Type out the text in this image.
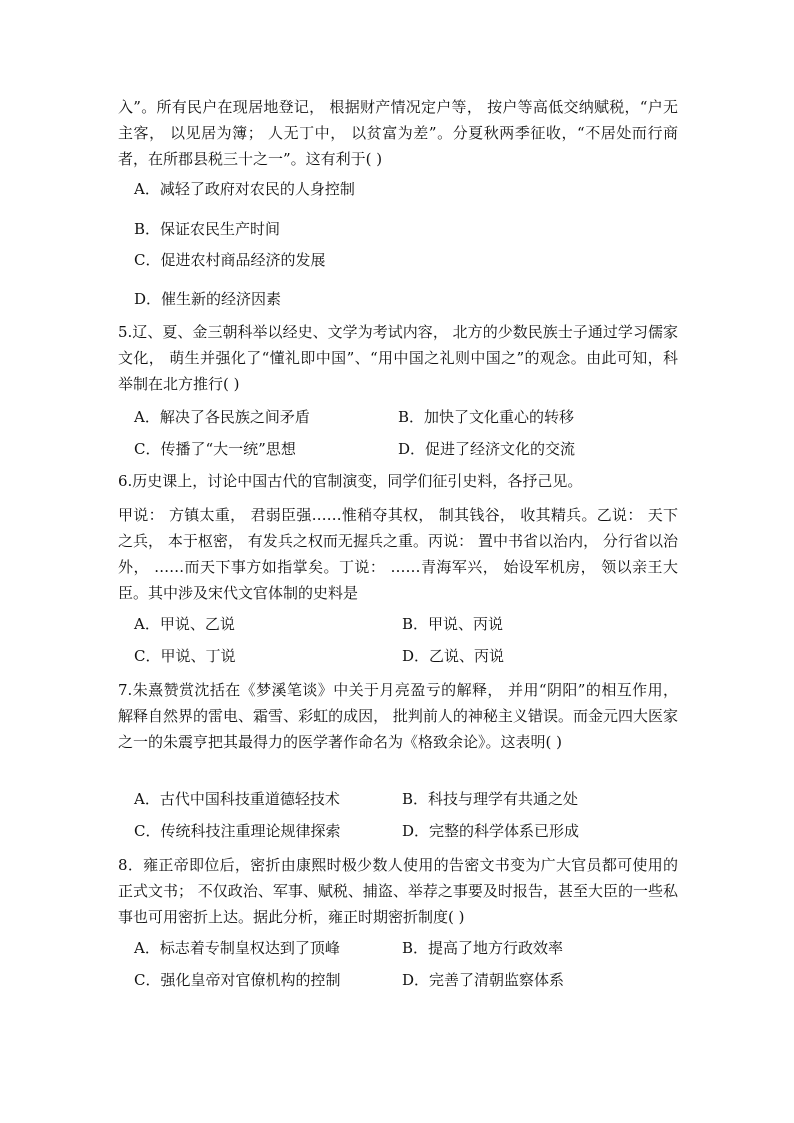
入”。所有民户在现居地登记， 根据财产情况定户等， 按户等高低交纳赋税，“户无主客， 以见居为簿； 人无丁中， 以贫富为差”。分夏秋两季征收，“不居处而行商者，在所郡县税三十之一”。这有利于( )

A．减轻了政府对农民的人身控制
B．保证农民生产时间
C．促进农村商品经济的发展
D．催生新的经济因素

5.辽、夏、金三朝科举以经史、文学为考试内容， 北方的少数民族士子通过学习儒家文化， 萌生并强化了“懂礼即中国”、“用中国之礼则中国之”的观念。由此可知，科举制在北方推行( )

A．解决了各民族之间矛盾	B．加快了文化重心的转移
C．传播了“大一统”思想	D．促进了经济文化的交流
6.历史课上，讨论中国古代的官制演变，同学们征引史料，各抒己见。

甲说： 方镇太重， 君弱臣强……惟稍夺其权， 制其钱谷， 收其精兵。乙说： 天下之兵， 本于枢密， 有发兵之权而无握兵之重。丙说： 置中书省以治内， 分行省以治外， ……而天下事方如指掌矣。丁说： ……青海军兴， 始设军机房， 领以亲王大臣。其中涉及宋代文官体制的史料是

A．甲说、乙说	B．甲说、丙说
C．甲说、丁说	D．乙说、丙说

7.朱熹赞赏沈括在《梦溪笔谈》中关于月亮盈亏的解释， 并用“阴阳”的相互作用， 解释自然界的雷电、霜雪、彩虹的成因， 批判前人的神秘主义错误。而金元四大医家之一的朱震亨把其最得力的医学著作命名为《格致余论》。这表明( )

A．古代中国科技重道德轻技术	B．科技与理学有共通之处
C．传统科技注重理论规律探索	D．完整的科学体系已形成

8．雍正帝即位后，密折由康熙时极少数人使用的告密文书变为广大官员都可使用的正式文书； 不仅政治、军事、赋税、捕盗、举荐之事要及时报告，甚至大臣的一些私事也可用密折上达。据此分析，雍正时期密折制度( )

A．标志着专制皇权达到了顶峰	B．提高了地方行政效率
C．强化皇帝对官僚机构的控制	D．完善了清朝监察体系
